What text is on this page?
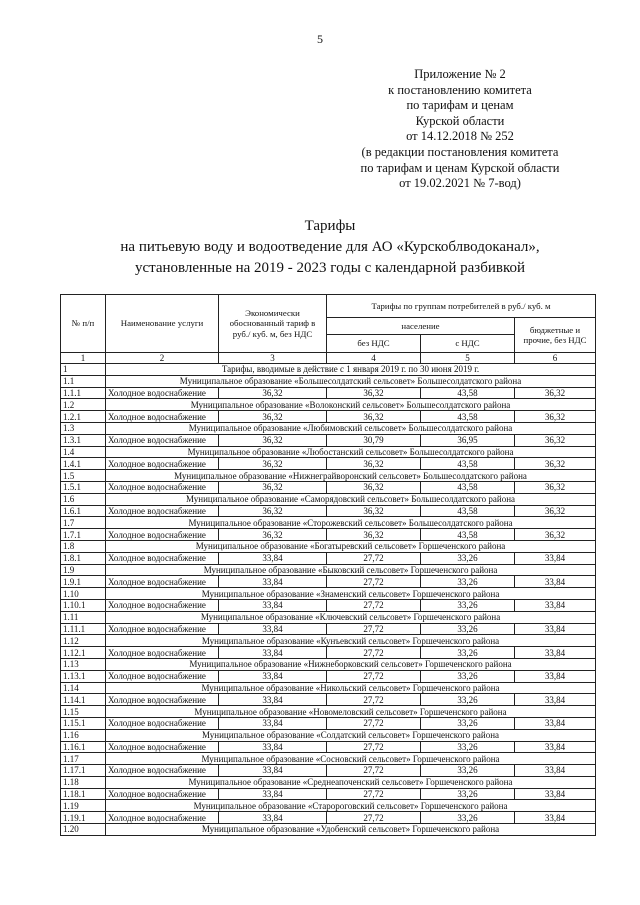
5
Приложение № 2
к постановлению комитета
по тарифам и ценам
Курской области
от 14.12.2018 № 252
(в редакции постановления комитета
по тарифам и ценам Курской области
от 19.02.2021 № 7-вод)
Тарифы
на питьевую воду и водоотведение для АО «Курскоблводоканал»,
установленные на 2019 - 2023 годы с календарной разбивкой
№ п/п	Наименование услуги	Экономически обоснованный тариф в руб./ куб. м, без НДС	Тарифы по группам потребителей в руб./ куб. м		
			население		бюджетные и прочие, без НДС
			без НДС	с НДС	
1	2	3	4	5	6
1	Тарифы, вводимые в действие с 1 января 2019 г. по 30 июня 2019 г.				
1.1	Муниципальное образование «Большесолдатский сельсовет» Большесолдатского района				
1.1.1	Холодное водоснабжение	36,32	36,32	43,58	36,32
1.2	Муниципальное образование «Волоконский сельсовет» Большесолдатского района				
1.2.1	Холодное водоснабжение	36,32	36,32	43,58	36,32
1.3	Муниципальное образование «Любимовский сельсовет» Большесолдатского района				
1.3.1	Холодное водоснабжение	36,32	30,79	36,95	36,32
1.4	Муниципальное образование «Любостанский сельсовет» Большесолдатского района				
1.4.1	Холодное водоснабжение	36,32	36,32	43,58	36,32
1.5	Муниципальное образование «Нижнеграйворонский сельсовет» Большесолдатского района				
1.5.1	Холодное водоснабжение	36,32	36,32	43,58	36,32
1.6	Муниципальное образование «Саморядовский сельсовет» Большесолдатского района				
1.6.1	Холодное водоснабжение	36,32	36,32	43,58	36,32
1.7	Муниципальное образование «Сторожевский сельсовет» Большесолдатского района				
1.7.1	Холодное водоснабжение	36,32	36,32	43,58	36,32
1.8	Муниципальное образование «Богатыревский сельсовет» Горшеченского района				
1.8.1	Холодное водоснабжение	33,84	27,72	33,26	33,84
1.9	Муниципальное образование «Быковский сельсовет» Горшеченского района				
1.9.1	Холодное водоснабжение	33,84	27,72	33,26	33,84
1.10	Муниципальное образование «Знаменский сельсовет» Горшеченского района				
1.10.1	Холодное водоснабжение	33,84	27,72	33,26	33,84
1.11	Муниципальное образование «Ключевский сельсовет» Горшеченского района				
1.11.1	Холодное водоснабжение	33,84	27,72	33,26	33,84
1.12	Муниципальное образование «Кунъевский сельсовет» Горшеченского района				
1.12.1	Холодное водоснабжение	33,84	27,72	33,26	33,84
1.13	Муниципальное образование «Нижнеборковский сельсовет» Горшеченского района				
1.13.1	Холодное водоснабжение	33,84	27,72	33,26	33,84
1.14	Муниципальное образование «Никольский сельсовет» Горшеченского района				
1.14.1	Холодное водоснабжение	33,84	27,72	33,26	33,84
1.15	Муниципальное образование «Новомеловский сельсовет» Горшеченского района				
1.15.1	Холодное водоснабжение	33,84	27,72	33,26	33,84
1.16	Муниципальное образование «Солдатский сельсовет» Горшеченского района				
1.16.1	Холодное водоснабжение	33,84	27,72	33,26	33,84
1.17	Муниципальное образование «Сосновский сельсовет» Горшеченского района				
1.17.1	Холодное водоснабжение	33,84	27,72	33,26	33,84
1.18	Муниципальное образование «Среднеапоченский сельсовет» Горшеченского района				
1.18.1	Холодное водоснабжение	33,84	27,72	33,26	33,84
1.19	Муниципальное образование «Старороговский сельсовет» Горшеченского района				
1.19.1	Холодное водоснабжение	33,84	27,72	33,26	33,84
1.20	Муниципальное образование «Удобенский сельсовет» Горшеченского района				
